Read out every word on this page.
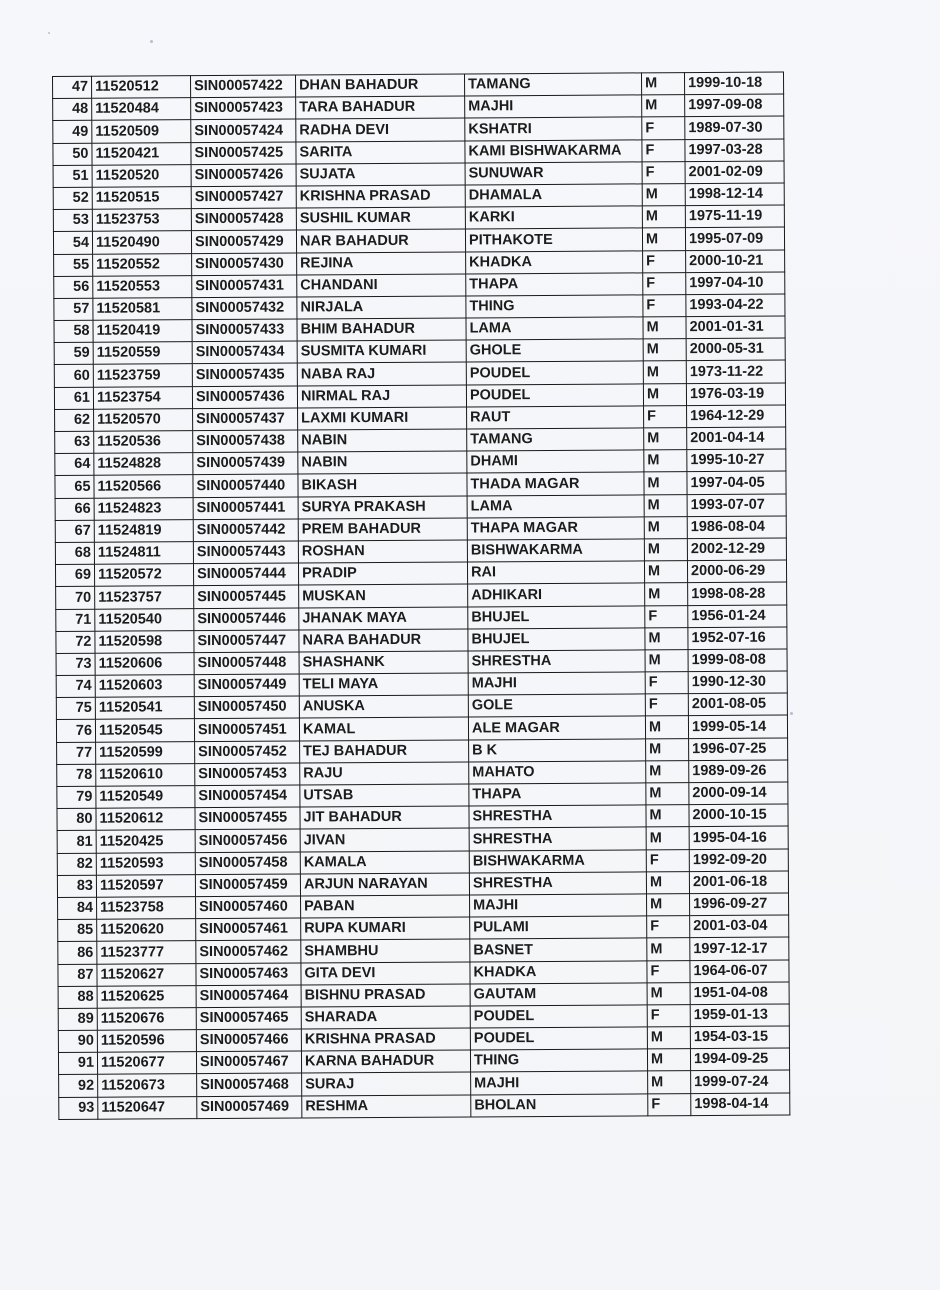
47	11520512	SIN00057422	DHAN BAHADUR	TAMANG	M	1999-10-18
48	11520484	SIN00057423	TARA BAHADUR	MAJHI	M	1997-09-08
49	11520509	SIN00057424	RADHA DEVI	KSHATRI	F	1989-07-30
50	11520421	SIN00057425	SARITA	KAMI BISHWAKARMA	F	1997-03-28
51	11520520	SIN00057426	SUJATA	SUNUWAR	F	2001-02-09
52	11520515	SIN00057427	KRISHNA PRASAD	DHAMALA	M	1998-12-14
53	11523753	SIN00057428	SUSHIL KUMAR	KARKI	M	1975-11-19
54	11520490	SIN00057429	NAR BAHADUR	PITHAKOTE	M	1995-07-09
55	11520552	SIN00057430	REJINA	KHADKA	F	2000-10-21
56	11520553	SIN00057431	CHANDANI	THAPA	F	1997-04-10
57	11520581	SIN00057432	NIRJALA	THING	F	1993-04-22
58	11520419	SIN00057433	BHIM BAHADUR	LAMA	M	2001-01-31
59	11520559	SIN00057434	SUSMITA KUMARI	GHOLE	M	2000-05-31
60	11523759	SIN00057435	NABA RAJ	POUDEL	M	1973-11-22
61	11523754	SIN00057436	NIRMAL RAJ	POUDEL	M	1976-03-19
62	11520570	SIN00057437	LAXMI KUMARI	RAUT	F	1964-12-29
63	11520536	SIN00057438	NABIN	TAMANG	M	2001-04-14
64	11524828	SIN00057439	NABIN	DHAMI	M	1995-10-27
65	11520566	SIN00057440	BIKASH	THADA MAGAR	M	1997-04-05
66	11524823	SIN00057441	SURYA PRAKASH	LAMA	M	1993-07-07
67	11524819	SIN00057442	PREM BAHADUR	THAPA MAGAR	M	1986-08-04
68	11524811	SIN00057443	ROSHAN	BISHWAKARMA	M	2002-12-29
69	11520572	SIN00057444	PRADIP	RAI	M	2000-06-29
70	11523757	SIN00057445	MUSKAN	ADHIKARI	M	1998-08-28
71	11520540	SIN00057446	JHANAK MAYA	BHUJEL	F	1956-01-24
72	11520598	SIN00057447	NARA BAHADUR	BHUJEL	M	1952-07-16
73	11520606	SIN00057448	SHASHANK	SHRESTHA	M	1999-08-08
74	11520603	SIN00057449	TELI MAYA	MAJHI	F	1990-12-30
75	11520541	SIN00057450	ANUSKA	GOLE	F	2001-08-05
76	11520545	SIN00057451	KAMAL	ALE MAGAR	M	1999-05-14
77	11520599	SIN00057452	TEJ BAHADUR	B K	M	1996-07-25
78	11520610	SIN00057453	RAJU	MAHATO	M	1989-09-26
79	11520549	SIN00057454	UTSAB	THAPA	M	2000-09-14
80	11520612	SIN00057455	JIT BAHADUR	SHRESTHA	M	2000-10-15
81	11520425	SIN00057456	JIVAN	SHRESTHA	M	1995-04-16
82	11520593	SIN00057458	KAMALA	BISHWAKARMA	F	1992-09-20
83	11520597	SIN00057459	ARJUN NARAYAN	SHRESTHA	M	2001-06-18
84	11523758	SIN00057460	PABAN	MAJHI	M	1996-09-27
85	11520620	SIN00057461	RUPA KUMARI	PULAMI	F	2001-03-04
86	11523777	SIN00057462	SHAMBHU	BASNET	M	1997-12-17
87	11520627	SIN00057463	GITA DEVI	KHADKA	F	1964-06-07
88	11520625	SIN00057464	BISHNU PRASAD	GAUTAM	M	1951-04-08
89	11520676	SIN00057465	SHARADA	POUDEL	F	1959-01-13
90	11520596	SIN00057466	KRISHNA PRASAD	POUDEL	M	1954-03-15
91	11520677	SIN00057467	KARNA BAHADUR	THING	M	1994-09-25
92	11520673	SIN00057468	SURAJ	MAJHI	M	1999-07-24
93	11520647	SIN00057469	RESHMA	BHOLAN	F	1998-04-14
